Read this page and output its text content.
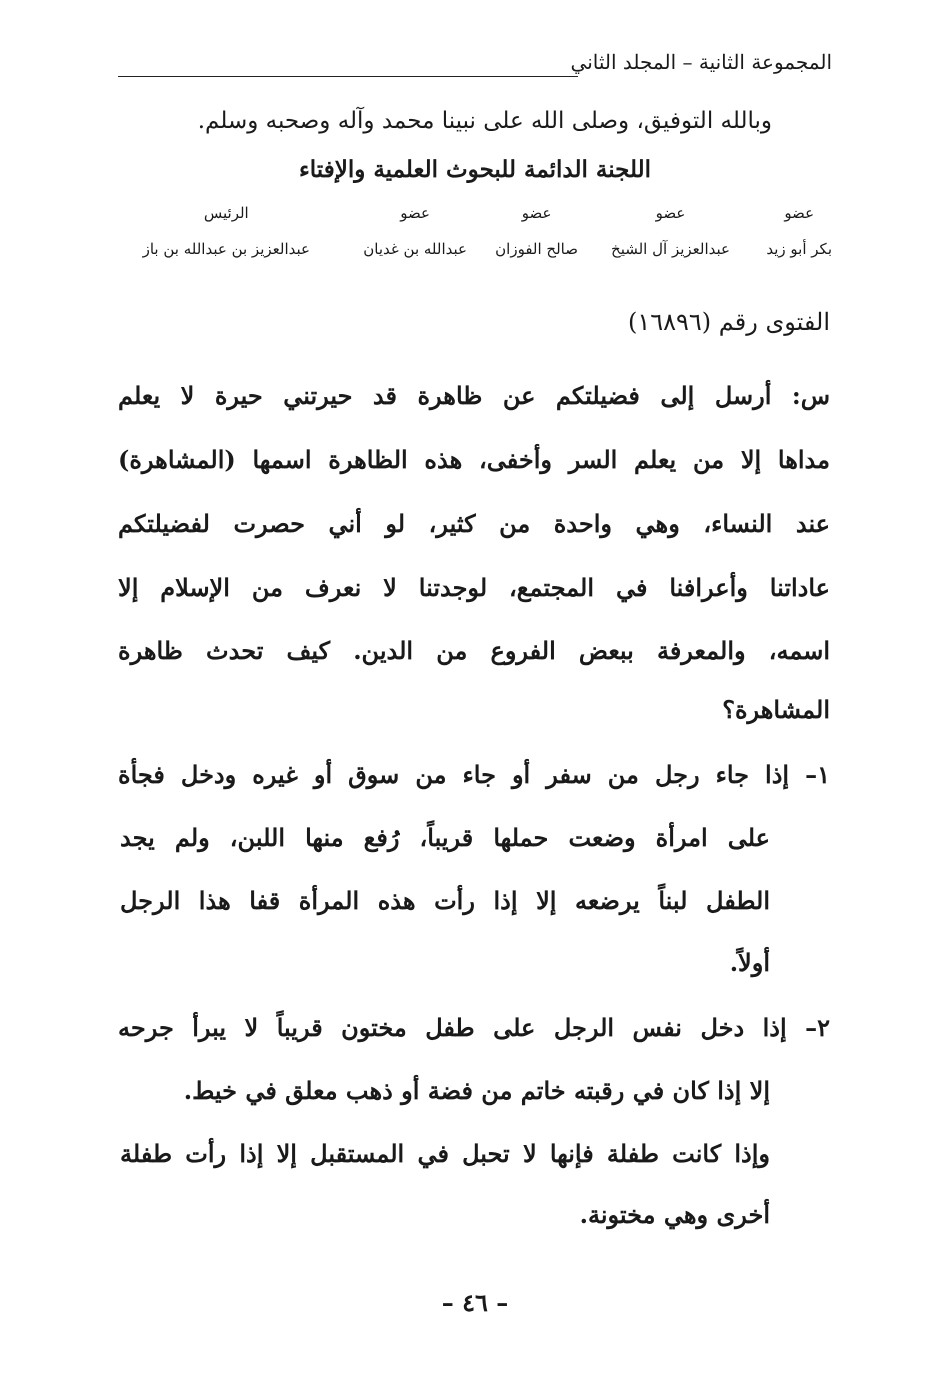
المجموعة الثانية – المجلد الثاني
وبالله التوفيق، وصلى الله على نبينا محمد وآله وصحبه وسلم.
اللجنة الدائمة للبحوث العلمية والإفتاء
عضو
بكر أبو زيد
عضو
عبدالعزيز آل الشيخ
عضو
صالح الفوزان
عضو
عبدالله بن غديان
الرئيس
عبدالعزيز بن عبدالله بن باز
الفتوى رقم (١٦٨٩٦)
س: أرسل إلى فضيلتكم عن ظاهرة قد حيرتني حيرة لا يعلم
مداها إلا من يعلم السر وأخفى، هذه الظاهرة اسمها (المشاهرة)
عند النساء، وهي واحدة من كثير، لو أني حصرت لفضيلتكم
عاداتنا وأعرافنا في المجتمع، لوجدتنا لا نعرف من الإسلام إلا
اسمه، والمعرفة ببعض الفروع من الدين. كيف تحدث ظاهرة
المشاهرة؟
١– إذا جاء رجل من سفر أو جاء من سوق أو غيره ودخل فجأة
على امرأة وضعت حملها قريباً، رُفع منها اللبن، ولم يجد
الطفل لبناً يرضعه إلا إذا رأت هذه المرأة قفا هذا الرجل
أولاً.
٢– إذا دخل نفس الرجل على طفل مختون قريباً لا يبرأ جرحه
إلا إذا كان في رقبته خاتم من فضة أو ذهب معلق في خيط.
وإذا كانت طفلة فإنها لا تحبل في المستقبل إلا إذا رأت طفلة
أخرى وهي مختونة.
– ٤٦ –
